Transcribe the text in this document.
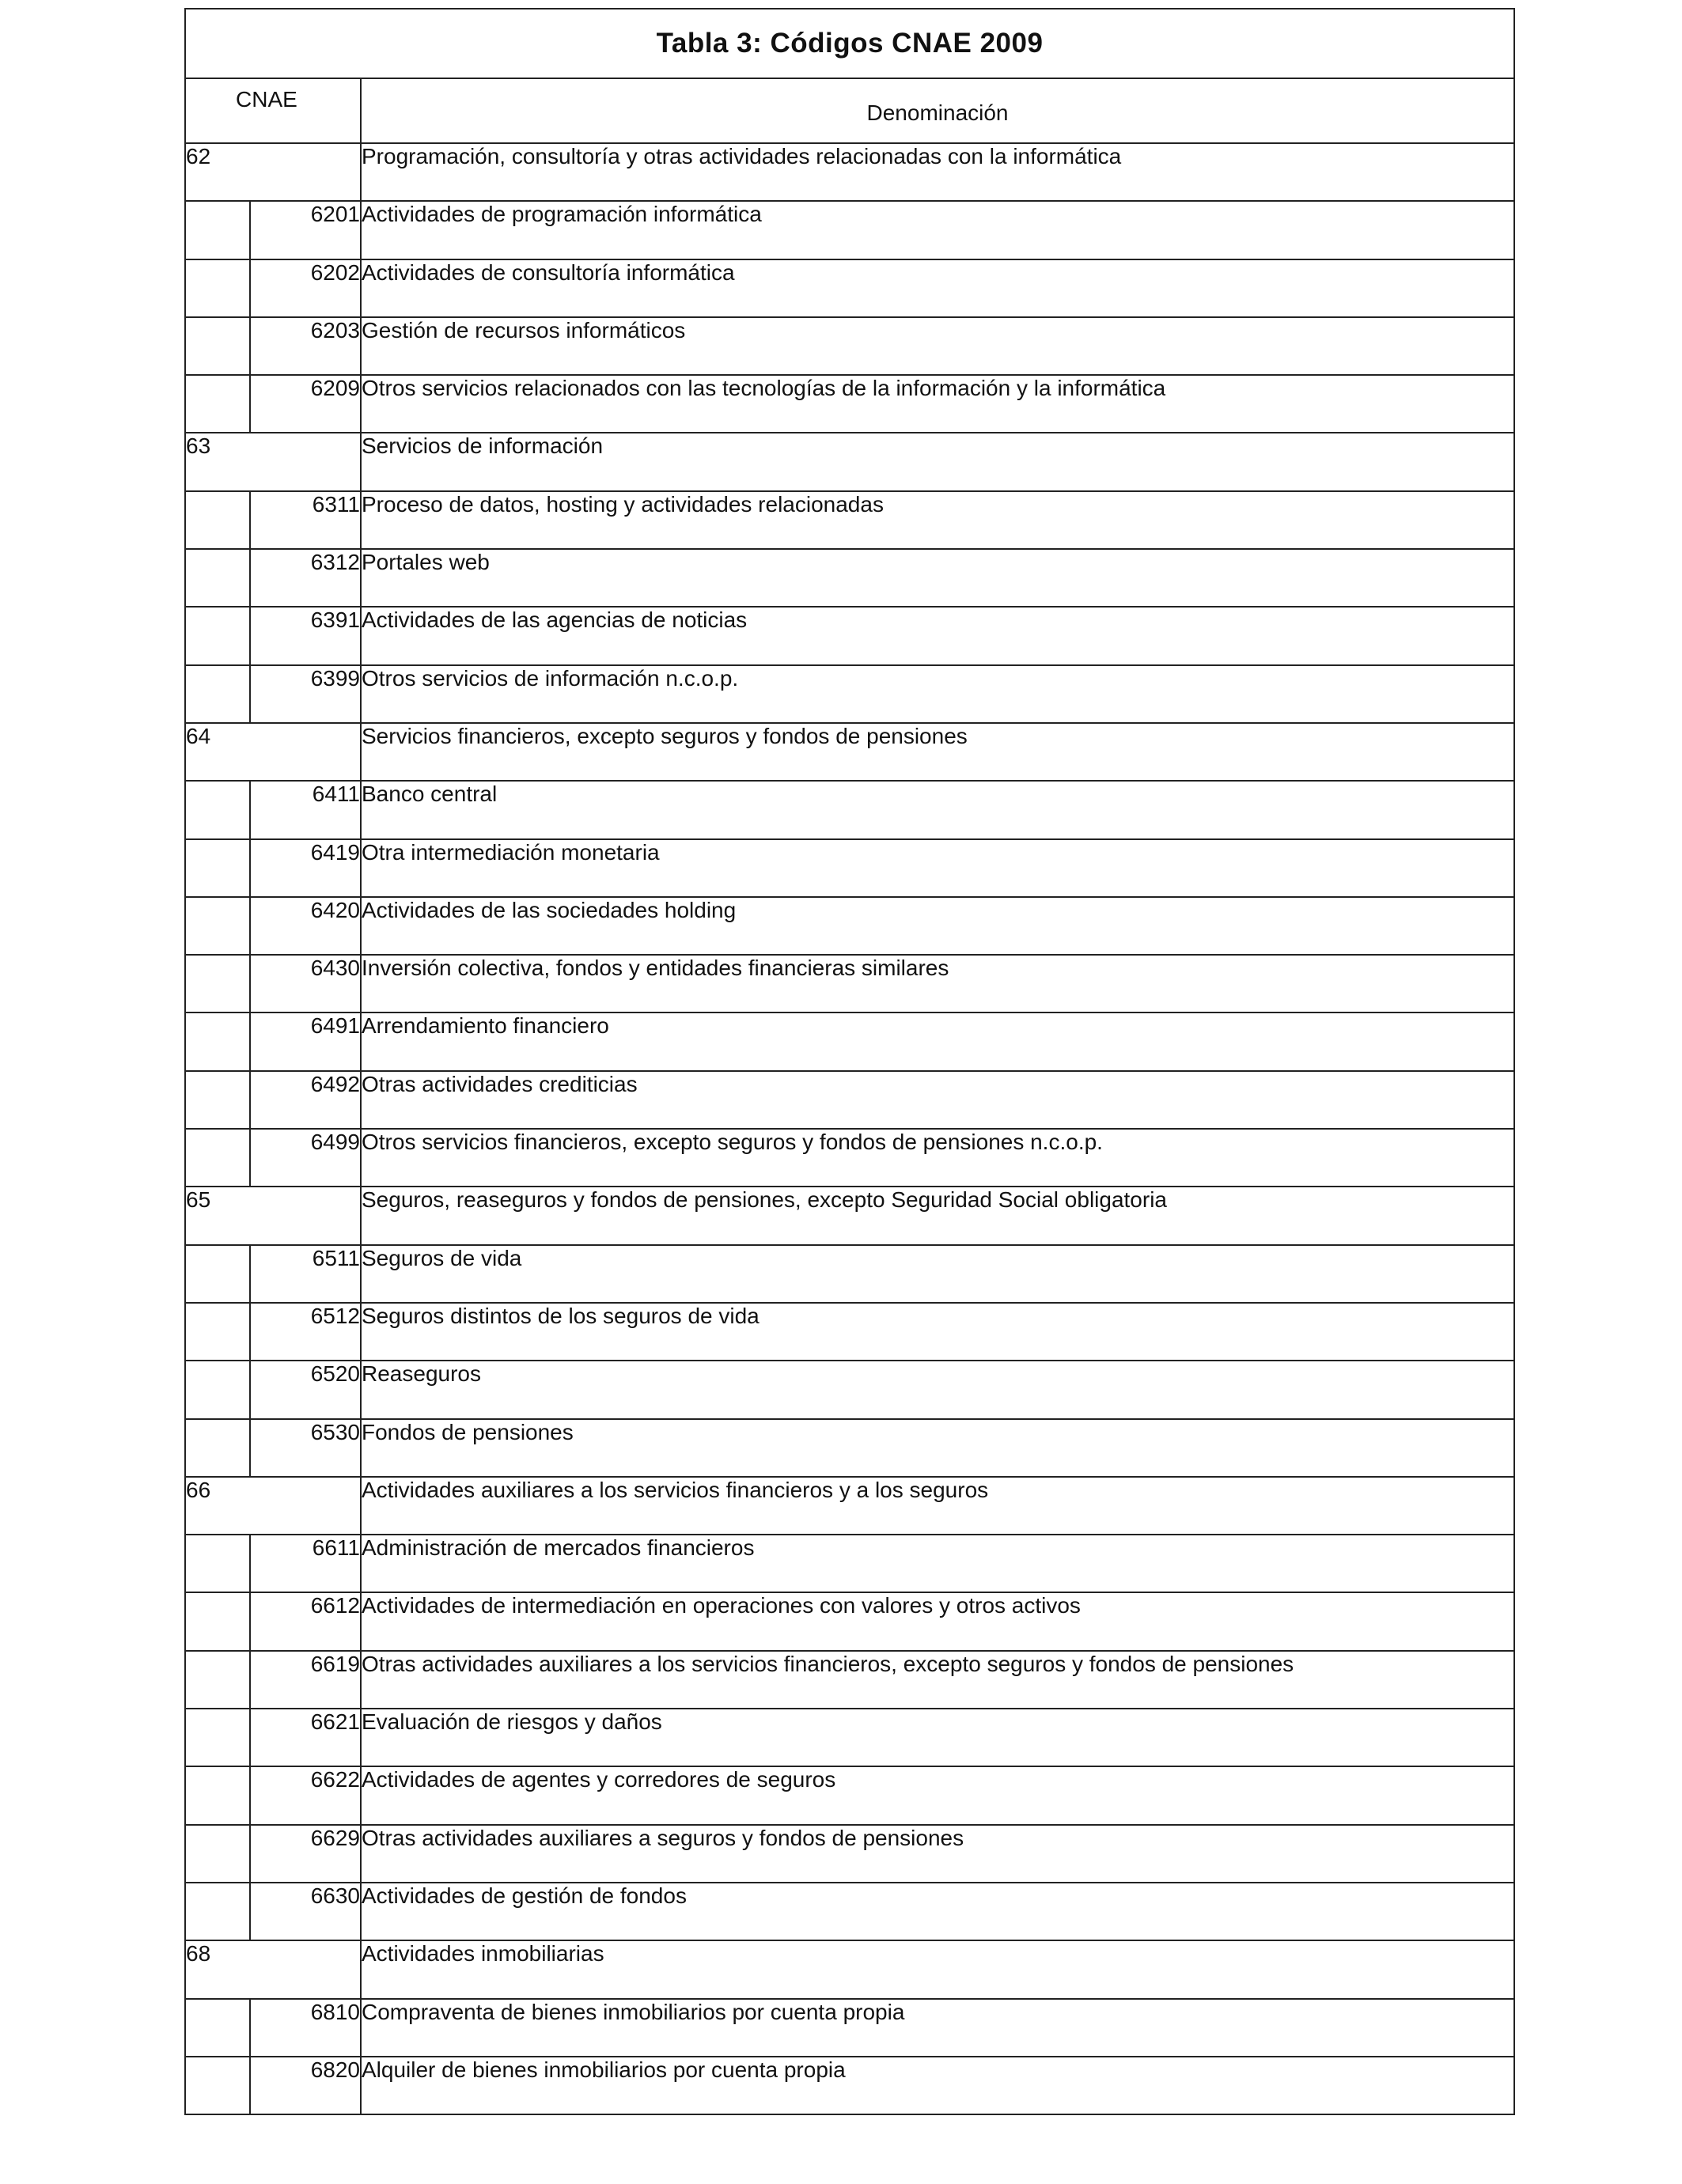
Tabla 3: Códigos CNAE 2009		
CNAE		Denominación
62		Programación, consultoría y otras actividades relacionadas con la informática
	6201	Actividades de programación informática
	6202	Actividades de consultoría informática
	6203	Gestión de recursos informáticos
	6209	Otros servicios relacionados con las tecnologías de la información y la informática
63		Servicios de información
	6311	Proceso de datos, hosting y actividades relacionadas
	6312	Portales web
	6391	Actividades de las agencias de noticias
	6399	Otros servicios de información n.c.o.p.
64		Servicios financieros, excepto seguros y fondos de pensiones
	6411	Banco central
	6419	Otra intermediación monetaria
	6420	Actividades de las sociedades holding
	6430	Inversión colectiva, fondos y entidades financieras similares
	6491	Arrendamiento financiero
	6492	Otras actividades crediticias
	6499	Otros servicios financieros, excepto seguros y fondos de pensiones n.c.o.p.
65		Seguros, reaseguros y fondos de pensiones, excepto Seguridad Social obligatoria
	6511	Seguros de vida
	6512	Seguros distintos de los seguros de vida
	6520	Reaseguros
	6530	Fondos de pensiones
66		Actividades auxiliares a los servicios financieros y a los seguros
	6611	Administración de mercados financieros
	6612	Actividades de intermediación en operaciones con valores y otros activos
	6619	Otras actividades auxiliares a los servicios financieros, excepto seguros y fondos de pensiones
	6621	Evaluación de riesgos y daños
	6622	Actividades de agentes y corredores de seguros
	6629	Otras actividades auxiliares a seguros y fondos de pensiones
	6630	Actividades de gestión de fondos
68		Actividades inmobiliarias
	6810	Compraventa de bienes inmobiliarios por cuenta propia
	6820	Alquiler de bienes inmobiliarios por cuenta propia
